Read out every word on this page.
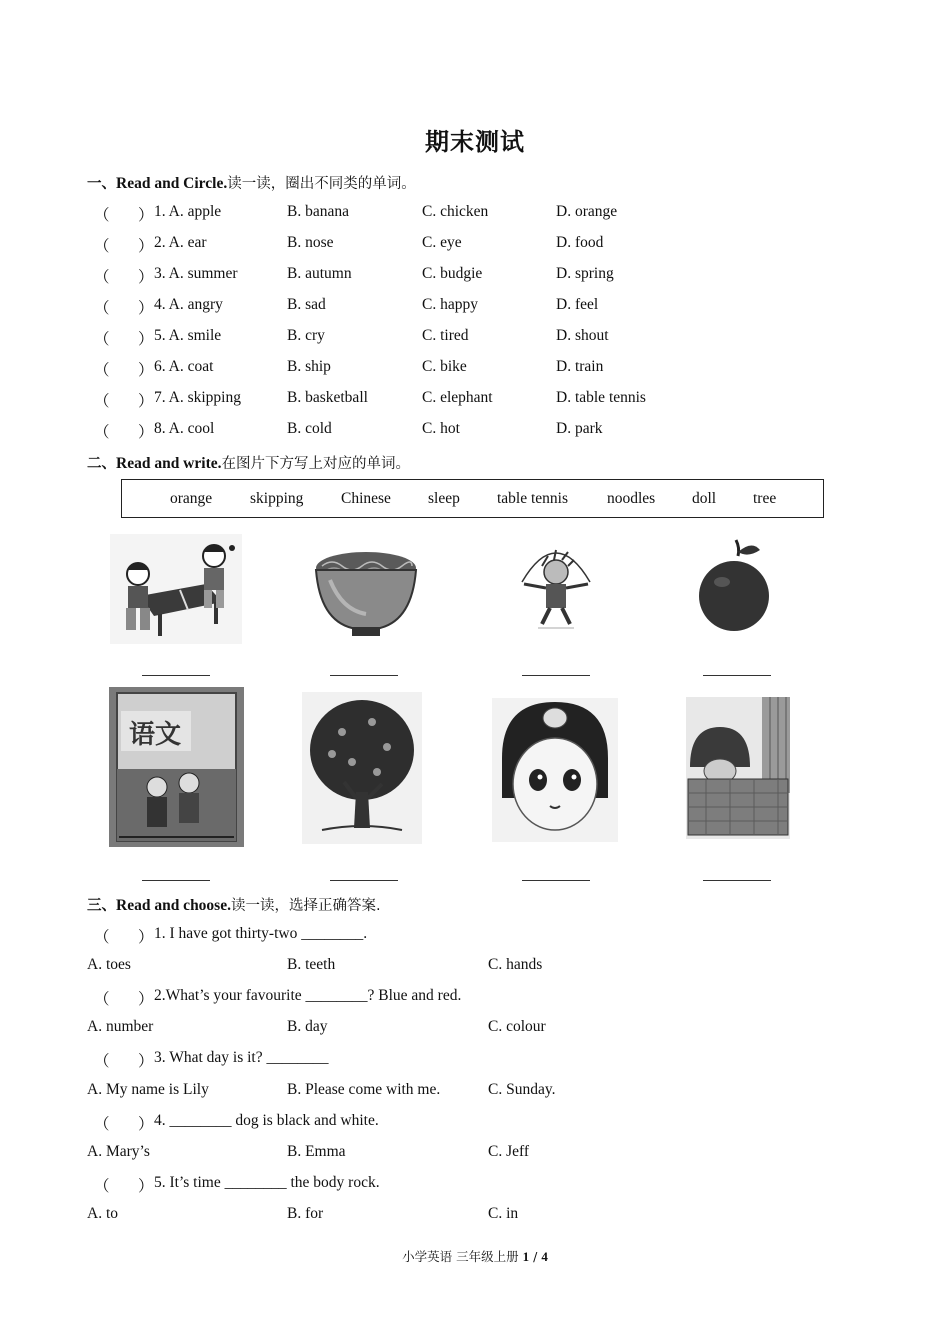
期末测试
一、Read and Circle.读一读，圈出不同类的单词。
（ ） 1. A. apple	B. banana	C. chicken	D. orange
（ ） 2. A. ear	B. nose	C. eye	D. food
（ ） 3. A. summer	B. autumn	C. budgie	D. spring
（ ） 4. A. angry	B. sad	C. happy	D. feel
（ ） 5. A. smile	B. cry	C. tired	D. shout
（ ） 6. A. coat	B. ship	C. bike	D. train
（ ） 7. A. skipping	B. basketball	C. elephant	D. table tennis
（ ） 8. A. cool	B. cold	C. hot	D. park
二、Read and write.在图片下方写上对应的单词。
orange skipping Chinese sleep table tennis	noodles doll tree
语文
三、Read and choose.读一读，选择正确答案.
（ ） 1. I have got thirty-two ________.
A. toes	B. teeth	C. hands
（ ） 2.What’s your favourite ________? Blue and red.
A. number	B. day	C. colour
（ ） 3. What day is it? ________
A. My name is Lily	B. Please come with me.	C. Sunday.
（ ） 4. ________ dog is black and white.
A. Mary’s	B. Emma	C. Jeff
（ ） 5. It’s time ________ the body rock.
A. to	B. for	C. in
小学英语 三年级上册 1 / 4
